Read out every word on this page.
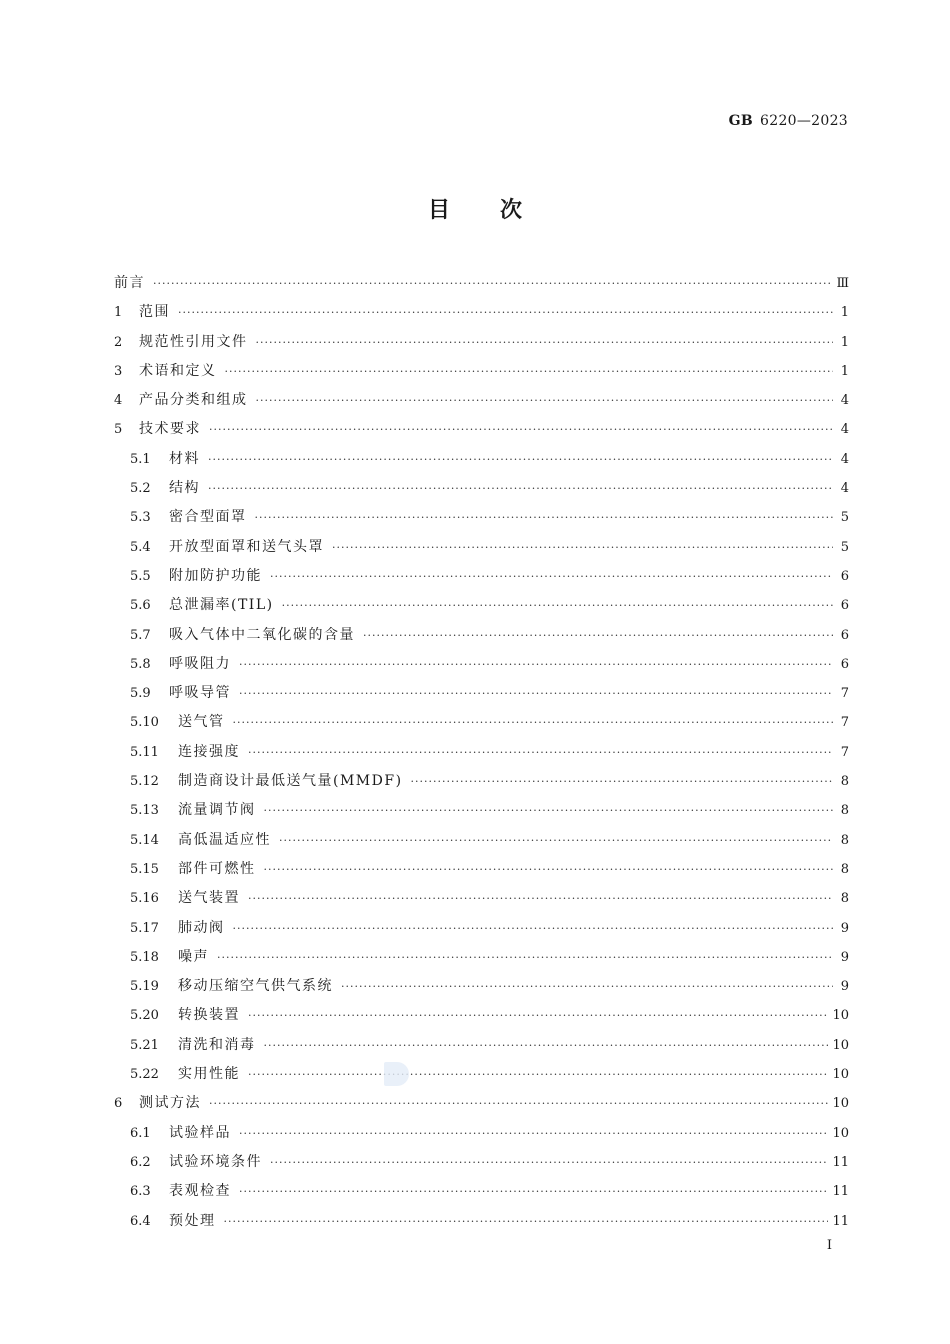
GB 6220—2023
目次
前言 ·····	Ⅲ
1	范围 ·····	1
2	规范性引用文件 ·····	1
3	术语和定义 ·····	1
4	产品分类和组成 ·····	4
5	技术要求 ·····	4
5.1	材料 ·····	4
5.2	结构 ·····	4
5.3	密合型面罩 ·····	5
5.4	开放型面罩和送气头罩 ·····	5
5.5	附加防护功能 ·····	6
5.6	总泄漏率(TIL) ·····	6
5.7	吸入气体中二氧化碳的含量 ·····	6
5.8	呼吸阻力 ·····	6
5.9	呼吸导管 ·····	7
5.10	送气管 ·····	7
5.11	连接强度 ·····	7
5.12	制造商设计最低送气量(MMDF) ·····	8
5.13	流量调节阀 ·····	8
5.14	高低温适应性 ·····	8
5.15	部件可燃性 ·····	8
5.16	送气装置 ·····	8
5.17	肺动阀 ·····	9
5.18	噪声 ·····	9
5.19	移动压缩空气供气系统 ·····	9
5.20	转换装置 ·····	10
5.21	清洗和消毒 ·····	10
5.22	实用性能 ·····	10
6	测试方法 ·····	10
6.1	试验样品 ·····	10
6.2	试验环境条件 ·····	11
6.3	表观检查 ·····	11
6.4	预处理 ·····	11
I
